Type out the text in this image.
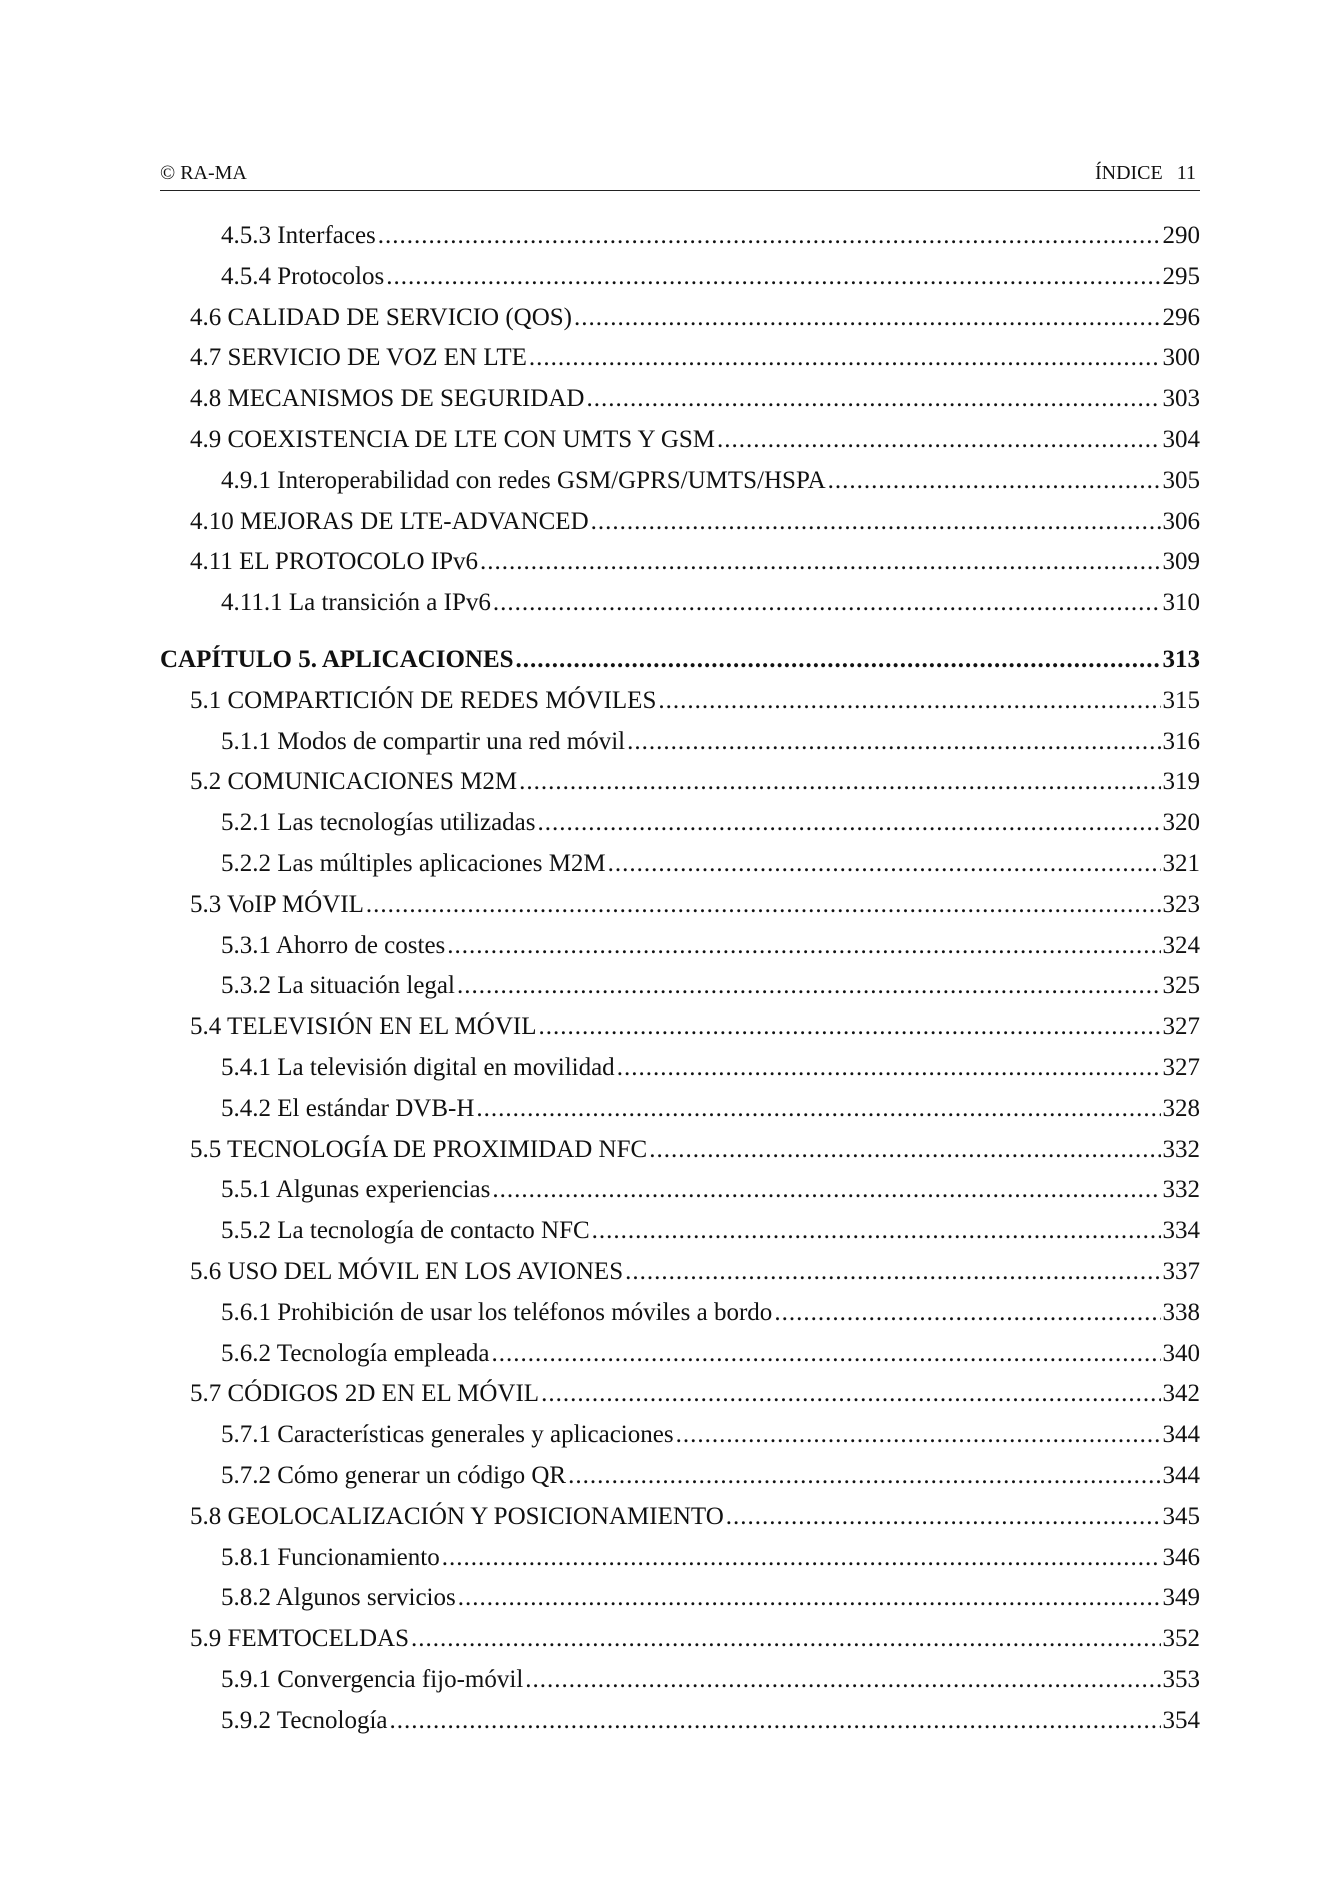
© RA-MA	ÍNDICE 11
4.5.3 Interfaces .....	290
4.5.4 Protocolos .....	295
4.6 CALIDAD DE SERVICIO (QOS) .....	296
4.7 SERVICIO DE VOZ EN LTE .....	300
4.8 MECANISMOS DE SEGURIDAD .....	303
4.9 COEXISTENCIA DE LTE CON UMTS Y GSM .....	304
4.9.1 Interoperabilidad con redes GSM/GPRS/UMTS/HSPA .....	305
4.10 MEJORAS DE LTE-ADVANCED .....	306
4.11 EL PROTOCOLO IPv6 .....	309
4.11.1 La transición a IPv6 .....	310
CAPÍTULO 5. APLICACIONES .....	313
5.1 COMPARTICIÓN DE REDES MÓVILES .....	315
5.1.1 Modos de compartir una red móvil .....	316
5.2 COMUNICACIONES M2M .....	319
5.2.1 Las tecnologías utilizadas .....	320
5.2.2 Las múltiples aplicaciones M2M .....	321
5.3 VoIP MÓVIL .....	323
5.3.1 Ahorro de costes .....	324
5.3.2 La situación legal .....	325
5.4 TELEVISIÓN EN EL MÓVIL .....	327
5.4.1 La televisión digital en movilidad .....	327
5.4.2 El estándar DVB-H .....	328
5.5 TECNOLOGÍA DE PROXIMIDAD NFC .....	332
5.5.1 Algunas experiencias .....	332
5.5.2 La tecnología de contacto NFC .....	334
5.6 USO DEL MÓVIL EN LOS AVIONES .....	337
5.6.1 Prohibición de usar los teléfonos móviles a bordo .....	338
5.6.2 Tecnología empleada .....	340
5.7 CÓDIGOS 2D EN EL MÓVIL .....	342
5.7.1 Características generales y aplicaciones .....	344
5.7.2 Cómo generar un código QR .....	344
5.8 GEOLOCALIZACIÓN Y POSICIONAMIENTO .....	345
5.8.1 Funcionamiento .....	346
5.8.2 Algunos servicios .....	349
5.9 FEMTOCELDAS .....	352
5.9.1 Convergencia fijo-móvil .....	353
5.9.2 Tecnología .....	354
